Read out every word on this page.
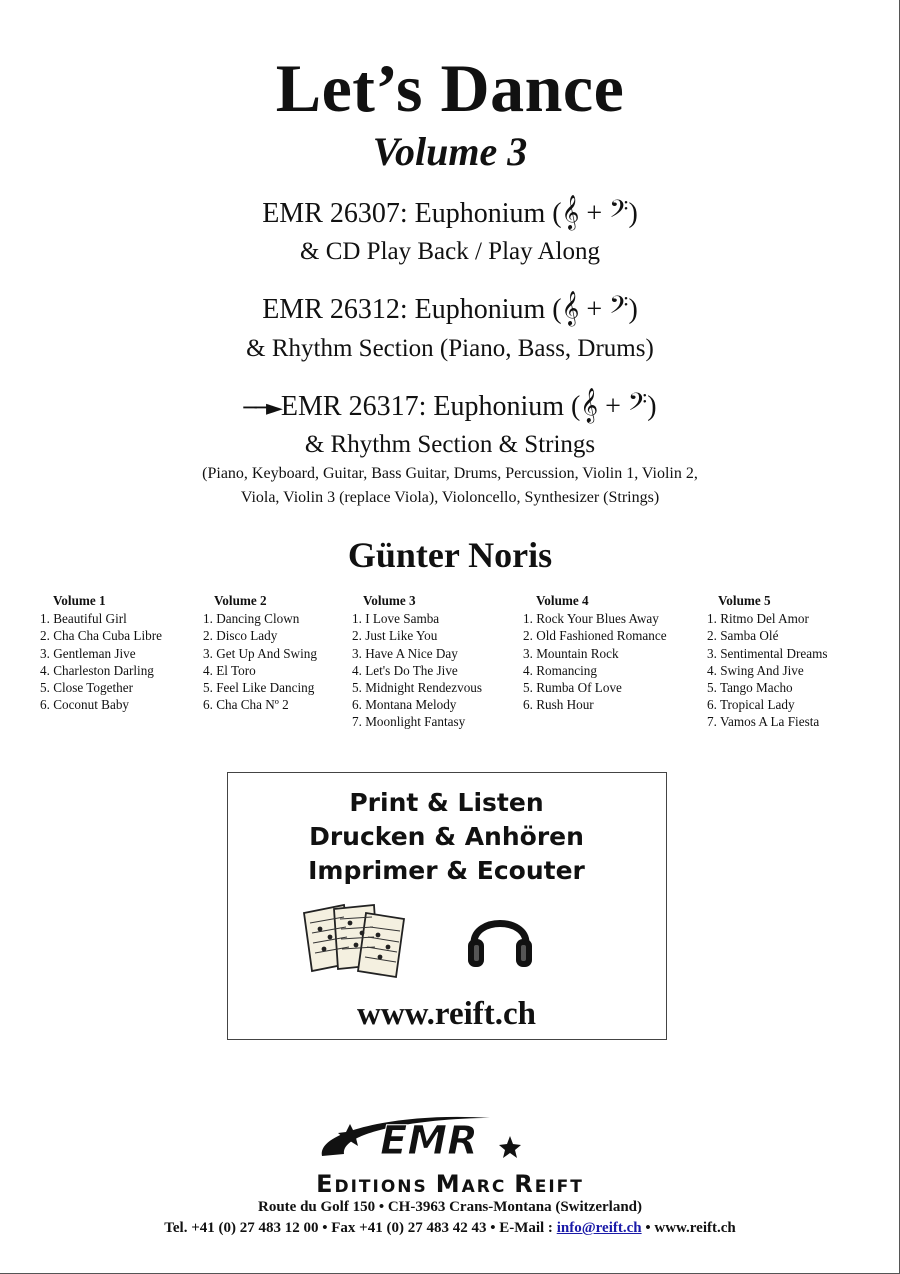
Let’s Dance
Volume 3
EMR 26307: Euphonium (𝄞 + 𝄢)
& CD Play Back / Play Along
EMR 26312: Euphonium (𝄞 + 𝄢)
& Rhythm Section (Piano, Bass, Drums)
──►EMR 26317: Euphonium (𝄞 + 𝄢)
& Rhythm Section & Strings
(Piano, Keyboard, Guitar, Bass Guitar, Drums, Percussion, Violin 1, Violin 2,
Viola, Violin 3 (replace Viola), Violoncello, Synthesizer (Strings)
Günter Noris
Volume 1
1. Beautiful Girl
2. Cha Cha Cuba Libre
3. Gentleman Jive
4. Charleston Darling
5. Close Together
6. Coconut Baby
Volume 2
1. Dancing Clown
2. Disco Lady
3. Get Up And Swing
4. El Toro
5. Feel Like Dancing
6. Cha Cha Nº 2
Volume 3
1. I Love Samba
2. Just Like You
3. Have A Nice Day
4. Let's Do The Jive
5. Midnight Rendezvous
6. Montana Melody
7. Moonlight Fantasy
Volume 4
1. Rock Your Blues Away
2. Old Fashioned Romance
3. Mountain Rock
4. Romancing
5. Rumba Of Love
6. Rush Hour
Volume 5
1. Ritmo Del Amor
2. Samba Olé
3. Sentimental Dreams
4. Swing And Jive
5. Tango Macho
6. Tropical Lady
7. Vamos A La Fiesta
Print & Listen
Drucken & Anhören
Imprimer & Ecouter
www.reift.ch
EMR
EDITIONS MARC REIFT
Route du Golf 150 • CH-3963 Crans-Montana (Switzerland)
Tel. +41 (0) 27 483 12 00 • Fax +41 (0) 27 483 42 43 • E-Mail : info@reift.ch • www.reift.ch
